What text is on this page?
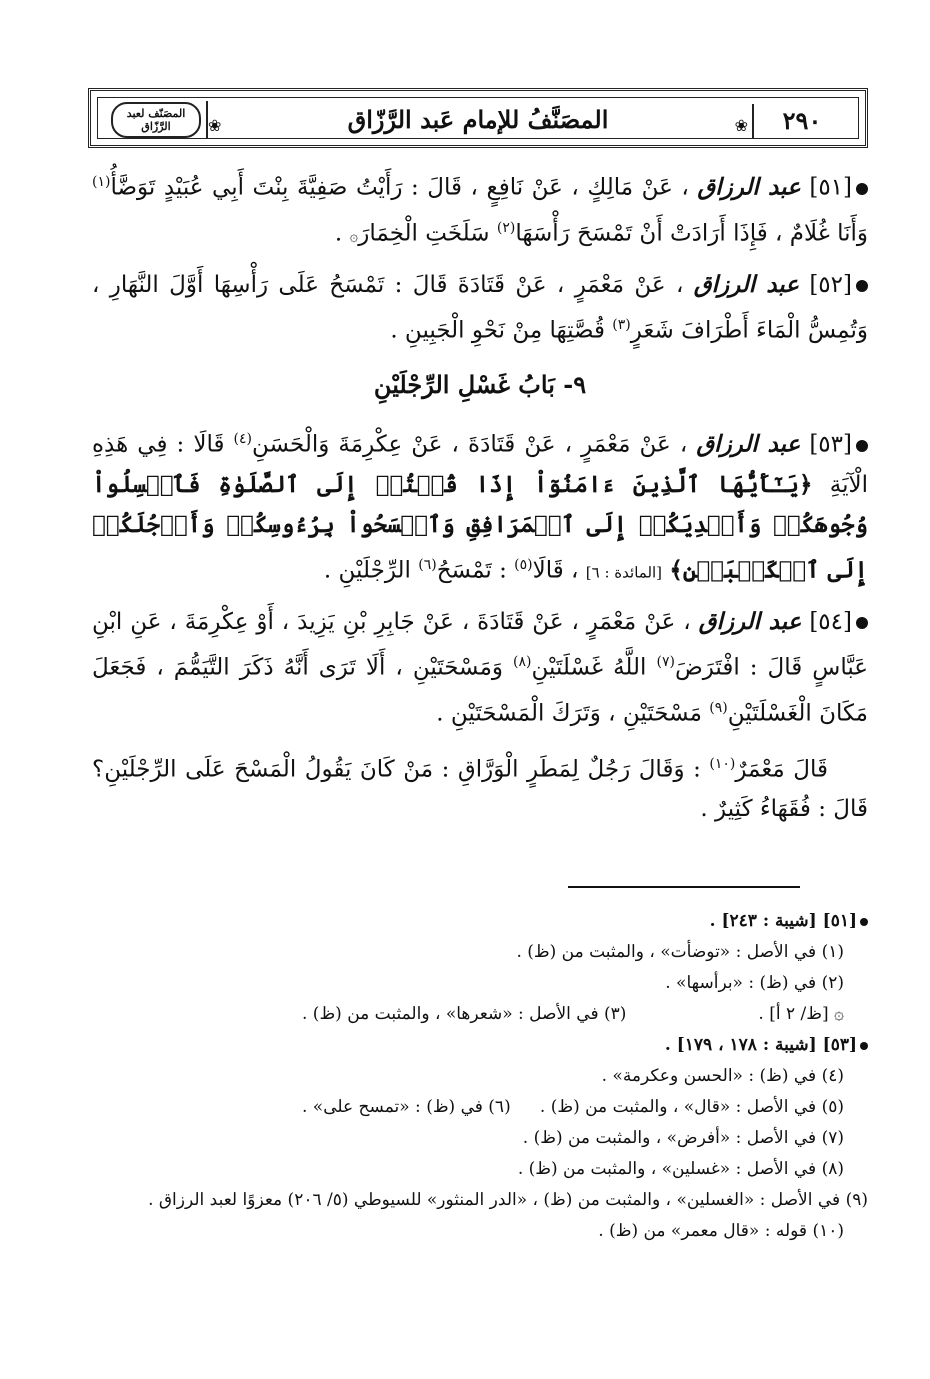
٢٩٠
المصَنَّفُ للإمام عَبد الرَّزّاق
المصَنّف لعبد الرَّزّاق	❀
❀

[٥١] عبد الرزاق ، عَنْ مَالِكٍ ، عَنْ نَافِعٍ ، قَالَ : رَأَيْتُ صَفِيَّةَ بِنْتَ أَبِي عُبَيْدٍ تَوَضَّأُ$^{(١)}$ وَأَنَا غُلَامٌ ، فَإِذَا أَرَادَتْ أَنْ تَمْسَحَ رَأْسَهَا$^{(٢)}$ سَلَخَتِ الْخِمَارَ۞ .

[٥٢] عبد الرزاق ، عَنْ مَعْمَرٍ ، عَنْ قَتَادَةَ قَالَ : تَمْسَحُ عَلَى رَأْسِهَا أَوَّلَ النَّهَارِ ، وَتُمِسُّ الْمَاءَ أَطْرَافَ شَعَرٍ$^{(٣)}$ قُصَّتِهَا مِنْ نَحْوِ الْجَبِينِ .

٩- بَابُ غَسْلِ الرِّجْلَيْنِ

[٥٣] عبد الرزاق ، عَنْ مَعْمَرٍ ، عَنْ قَتَادَةَ ، عَنْ عِكْرِمَةَ وَالْحَسَنِ$^{(٤)}$ قَالَا : فِي هَذِهِ الْآيَةِ ﴿يَـٰٓأَيُّهَا ٱلَّذِينَ ءَامَنُوٓاْ إِذَا قُمۡتُمۡ إِلَى ٱلصَّلَوٰةِ فَٱغۡسِلُواْ وُجُوهَكُمۡ وَأَيۡدِيَكُمۡ إِلَى ٱلۡمَرَافِقِ وَٱمۡسَحُواْ بِرُءُوسِكُمۡ وَأَرۡجُلَكُمۡ إِلَى ٱلۡكَعۡبَيۡنِ﴾ [المائدة : ٦] ، قَالَا$^{(٥)}$ : تَمْسَحُ$^{(٦)}$ الرِّجْلَيْنِ .

[٥٤] عبد الرزاق ، عَنْ مَعْمَرٍ ، عَنْ قَتَادَةَ ، عَنْ جَابِرِ بْنِ يَزِيدَ ، أَوْ عِكْرِمَةَ ، عَنِ ابْنِ عَبَّاسٍ قَالَ : افْتَرَضَ$^{(٧)}$ اللَّهُ غَسْلَتَيْنِ$^{(٨)}$ وَمَسْحَتَيْنِ ، أَلَا تَرَى أَنَّهُ ذَكَرَ التَّيَمُّمَ ، فَجَعَلَ مَكَانَ الْغَسْلَتَيْنِ$^{(٩)}$ مَسْحَتَيْنِ ، وَتَرَكَ الْمَسْحَتَيْنِ .

قَالَ مَعْمَرٌ$^{(١٠)}$ : وَقَالَ رَجُلٌ لِمَطَرٍ الْوَرَّاقِ : مَنْ كَانَ يَقُولُ الْمَسْحَ عَلَى الرِّجْلَيْنِ؟ قَالَ : فُقَهَاءُ كَثِيرٌ .

[٥١] [شيبة : ٢٤٣] .
(١) في الأصل : «توضأت» ، والمثبت من (ظ) .
(٢) في (ظ) : «برأسها» .
۞ [ظ/ ٢ أ] .
(٣) في الأصل : «شعرها» ، والمثبت من (ظ) .
[٥٣] [شيبة : ١٧٨ ، ١٧٩] .
(٤) في (ظ) : «الحسن وعكرمة» .
(٥) في الأصل : «قال» ، والمثبت من (ظ) .
(٦) في (ظ) : «تمسح على» .
(٧) في الأصل : «أفرض» ، والمثبت من (ظ) .
(٨) في الأصل : «غسلين» ، والمثبت من (ظ) .
(٩) في الأصل : «الغسلين» ، والمثبت من (ظ) ، «الدر المنثور» للسيوطي (٥/ ٢٠٦) معزوًا لعبد الرزاق .
(١٠) قوله : «قال معمر» من (ظ) .
